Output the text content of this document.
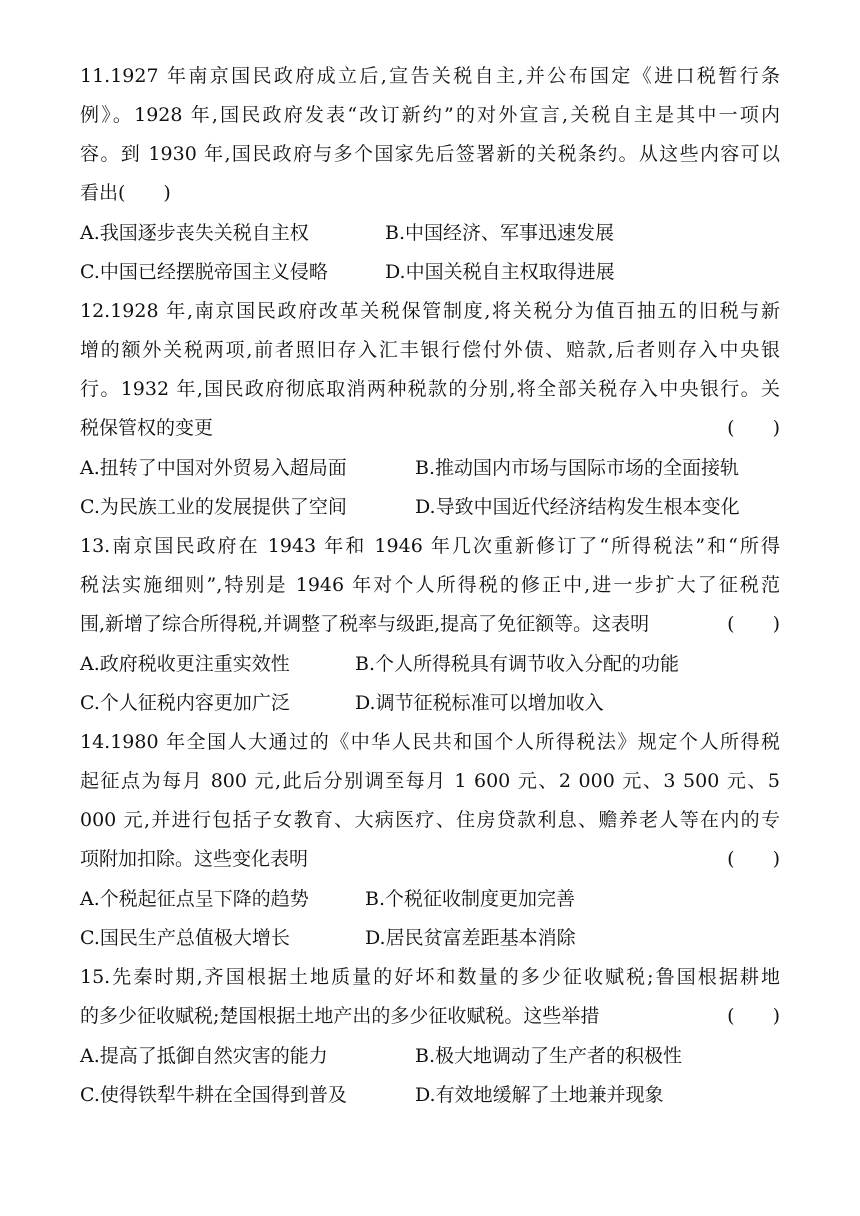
11.1927 年南京国民政府成立后,宣告关税自主,并公布国定《进口税暂行条
例》。1928 年,国民政府发表“改订新约”的对外宣言,关税自主是其中一项内
容。到 1930 年,国民政府与多个国家先后签署新的关税条约。从这些内容可以
看出(　　)
A.我国逐步丧失关税自主权	B.中国经济、军事迅速发展
C.中国已经摆脱帝国主义侵略	D.中国关税自主权取得进展
12.1928 年,南京国民政府改革关税保管制度,将关税分为值百抽五的旧税与新
增的额外关税两项,前者照旧存入汇丰银行偿付外债、赔款,后者则存入中央银
行。1932 年,国民政府彻底取消两种税款的分别,将全部关税存入中央银行。关
税保管权的变更	(　　)
A.扭转了中国对外贸易入超局面	B.推动国内市场与国际市场的全面接轨
C.为民族工业的发展提供了空间	D.导致中国近代经济结构发生根本变化
13.南京国民政府在 1943 年和 1946 年几次重新修订了“所得税法”和“所得
税法实施细则”,特别是 1946 年对个人所得税的修正中,进一步扩大了征税范
围,新增了综合所得税,并调整了税率与级距,提高了免征额等。这表明	(　　)
A.政府税收更注重实效性	B.个人所得税具有调节收入分配的功能
C.个人征税内容更加广泛	D.调节征税标准可以增加收入
14.1980 年全国人大通过的《中华人民共和国个人所得税法》规定个人所得税
起征点为每月 800 元,此后分别调至每月 1 600 元、2 000 元、3 500 元、5
000 元,并进行包括子女教育、大病医疗、住房贷款利息、赡养老人等在内的专
项附加扣除。这些变化表明	(　　)
A.个税起征点呈下降的趋势	B.个税征收制度更加完善
C.国民生产总值极大增长	D.居民贫富差距基本消除
15.先秦时期,齐国根据土地质量的好坏和数量的多少征收赋税;鲁国根据耕地
的多少征收赋税;楚国根据土地产出的多少征收赋税。这些举措	(　　)
A.提高了抵御自然灾害的能力	B.极大地调动了生产者的积极性
C.使得铁犁牛耕在全国得到普及	D.有效地缓解了土地兼并现象
